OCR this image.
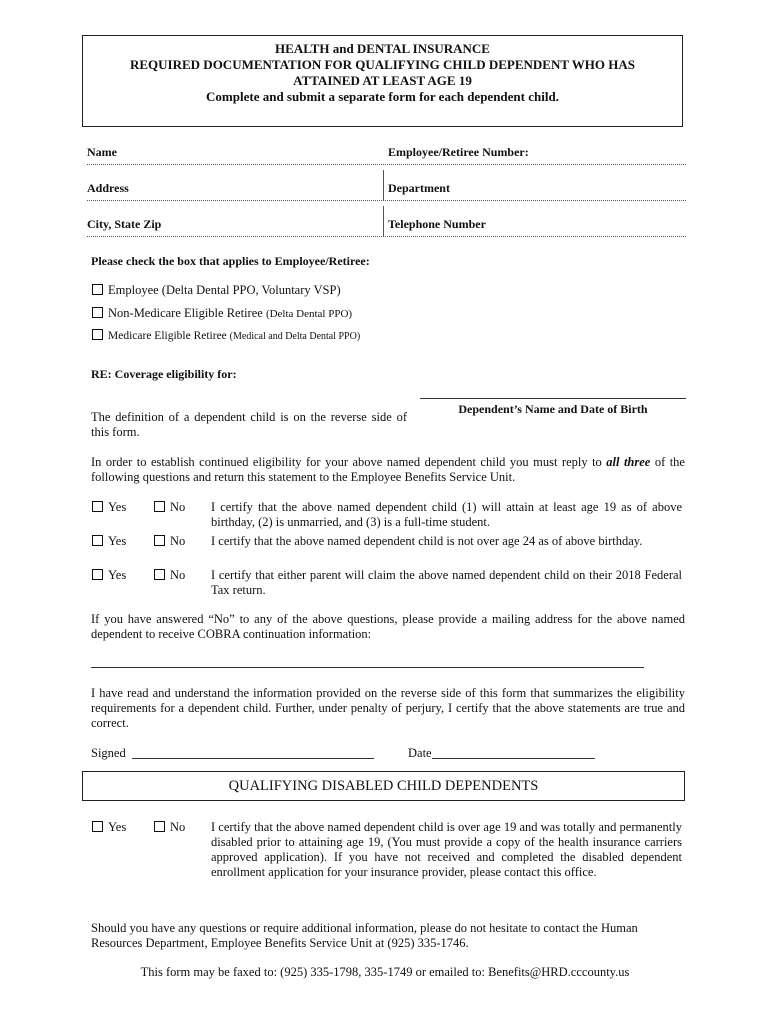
HEALTH and DENTAL INSURANCE
REQUIRED DOCUMENTATION FOR QUALIFYING CHILD DEPENDENT WHO HAS
ATTAINED AT LEAST AGE 19
Complete and submit a separate form for each dependent child.
Name	Employee/Retiree Number:
Address	Department
City, State Zip	Telephone Number
Please check the box that applies to Employee/Retiree:
Employee (Delta Dental PPO, Voluntary VSP)
Non-Medicare Eligible Retiree (Delta Dental PPO)
Medicare Eligible Retiree (Medical and Delta Dental PPO)
RE: Coverage eligibility for:
Dependent’s Name and Date of Birth
The definition of a dependent child is on the reverse side of this form.
In order to establish continued eligibility for your above named dependent child you must reply to all three of the following questions and return this statement to the Employee Benefits Service Unit.
Yes	No I certify that the above named dependent child (1) will attain at least age 19 as of above birthday, (2) is unmarried, and (3) is a full-time student.
Yes	No I certify that the above named dependent child is not over age 24 as of above birthday.
Yes	No I certify that either parent will claim the above named dependent child on their 2018 Federal Tax return.
If you have answered “No” to any of the above questions, please provide a mailing address for the above named dependent to receive COBRA continuation information:
I have read and understand the information provided on the reverse side of this form that summarizes the eligibility requirements for a dependent child. Further, under penalty of perjury, I certify that the above statements are true and correct.
Signed	Date
QUALIFYING DISABLED CHILD DEPENDENTS
Yes	No I certify that the above named dependent child is over age 19 and was totally and permanently disabled prior to attaining age 19, (You must provide a copy of the health insurance carriers approved application). If you have not received and completed the disabled dependent enrollment application for your insurance provider, please contact this office.
Should you have any questions or require additional information, please do not hesitate to contact the Human Resources Department, Employee Benefits Service Unit at (925) 335-1746.
This form may be faxed to: (925) 335-1798, 335-1749 or emailed to: Benefits@HRD.cccounty.us
